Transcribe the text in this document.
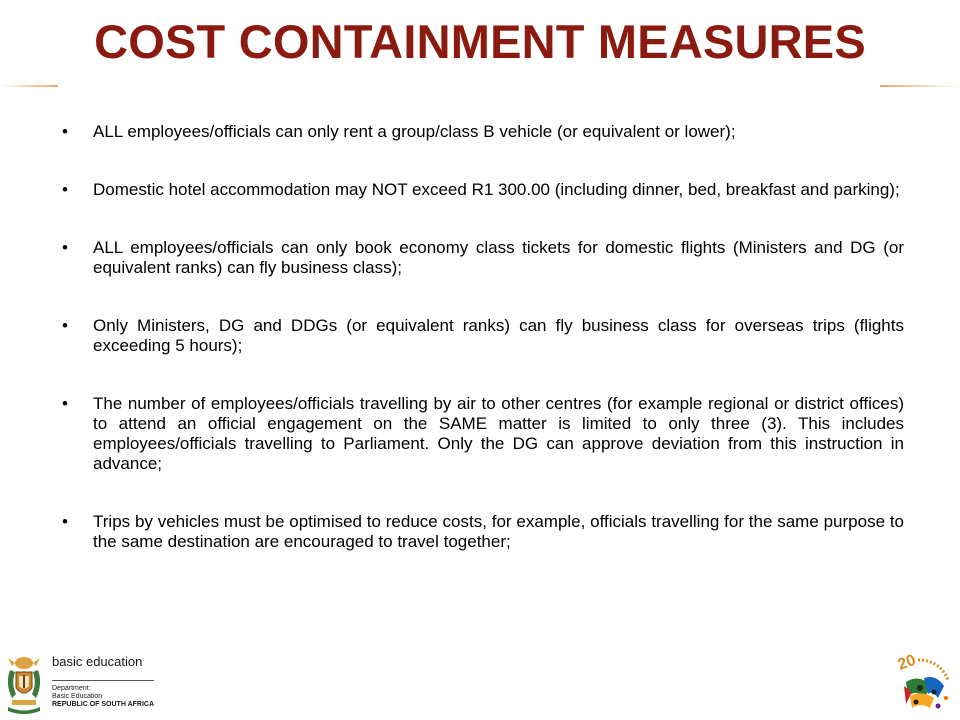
COST CONTAINMENT MEASURES
•	ALL employees/officials can only rent a group/class B vehicle (or equivalent or lower);
•	Domestic hotel accommodation may NOT exceed R1 300.00 (including dinner, bed, breakfast and parking);
•	ALL employees/officials can only book economy class tickets for domestic flights (Ministers and DG (or equivalent ranks) can fly business class);
•	Only Ministers, DG and DDGs (or equivalent ranks) can fly business class for overseas trips (flights exceeding 5 hours);
•	The number of employees/officials travelling by air to other centres (for example regional or district offices) to attend an official engagement on the SAME matter is limited to only three (3). This includes employees/officials travelling to Parliament. Only the DG can approve deviation from this instruction in advance;
•	Trips by vehicles must be optimised to reduce costs, for example, officials travelling for the same purpose to the same destination are encouraged to travel together;
basic education
Department:
Basic Education
REPUBLIC OF SOUTH AFRICA
20
